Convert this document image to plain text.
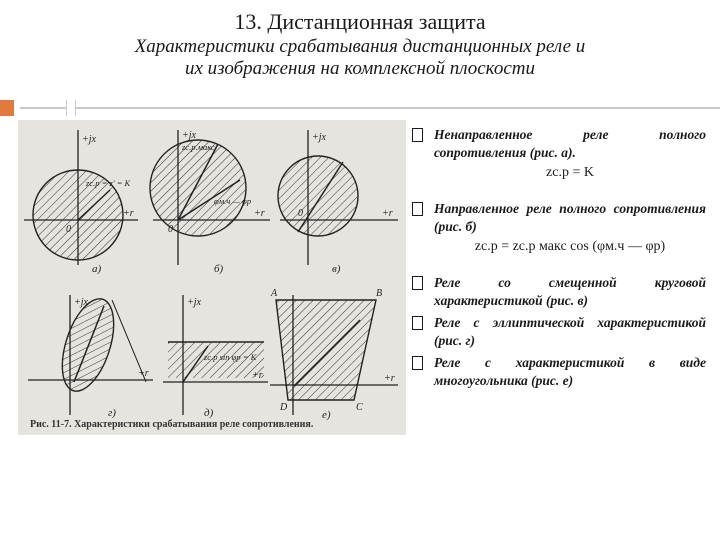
13. Дистанционная защита
Характеристики срабатывания дистанционных реле и
их изображения на комплексной плоскости
+jx
+r
0
zс.р = z' = K
а)
+jx
+r
0
zс.р.макс
φм.ч — φр
б)
+jx
+r
0
в)
+jx
+r
г)
+jx
+r
zс.р sin φр = K
д)
A	B
C
D
+r
е)
Рис. 11-7. Характеристики срабатывания реле сопротивления.
Ненаправленное реле полного сопротивления (рис. а).
zс.р = K
Направленное реле полного сопротивления (рис. б)
zс.р = zс.р макс cos (φм.ч — φр)
Реле со смещенной круговой характеристикой (рис. в)
Реле с эллиптической характеристикой (рис. г)
Реле с характеристикой в виде многоугольника (рис. е)
